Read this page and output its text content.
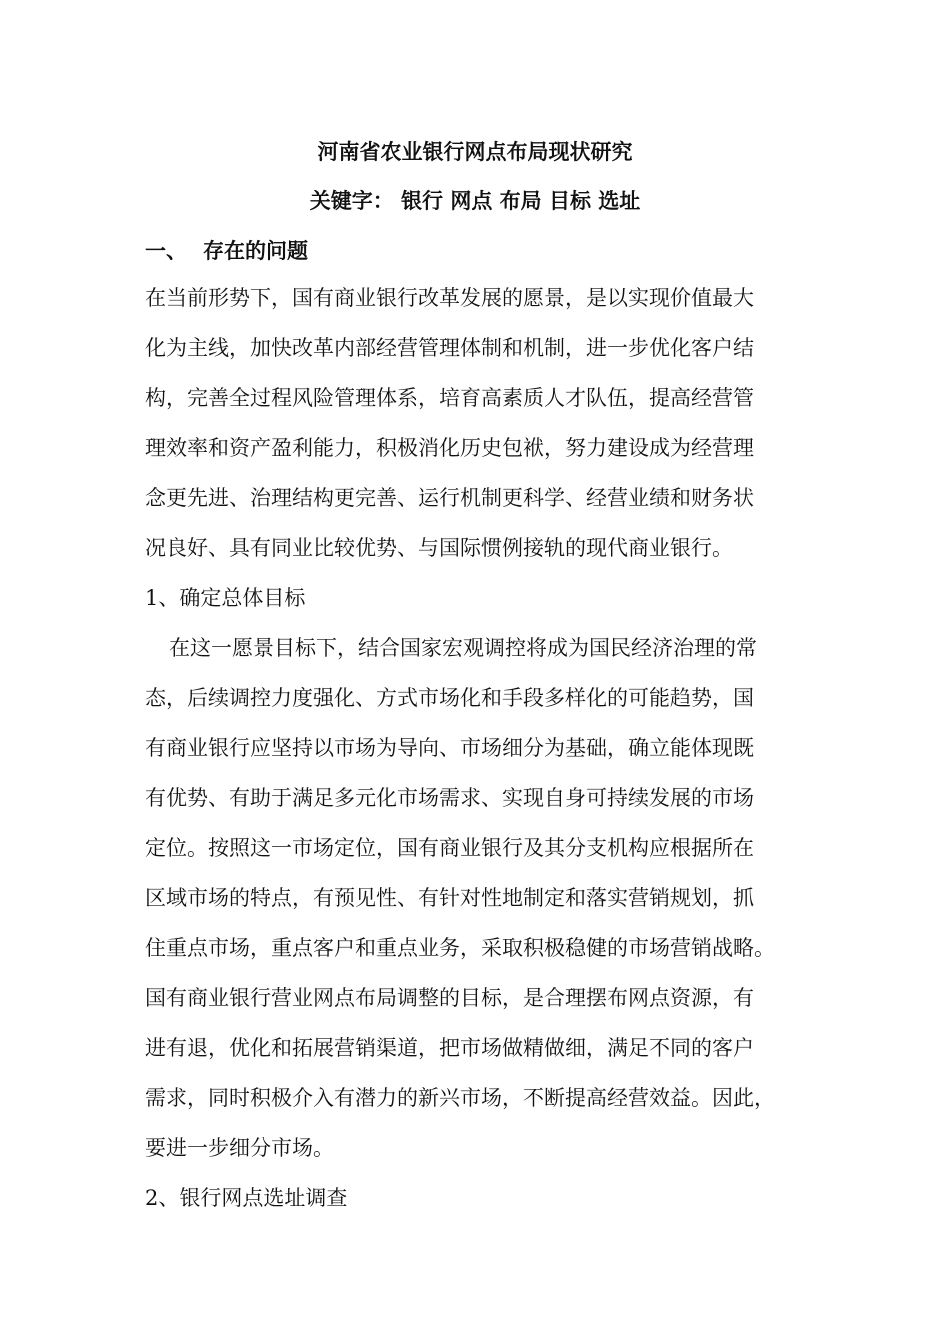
河南省农业银行网点布局现状研究

关键字： 银行 网点 布局 目标 选址

一、 存在的问题
在当前形势下，国有商业银行改革发展的愿景，是以实现价值最大
化为主线，加快改革内部经营管理体制和机制，进一步优化客户结
构，完善全过程风险管理体系，培育高素质人才队伍，提高经营管
理效率和资产盈利能力，积极消化历史包袱，努力建设成为经营理
念更先进、治理结构更完善、运行机制更科学、经营业绩和财务状
况良好、具有同业比较优势、与国际惯例接轨的现代商业银行。
1、确定总体目标
在这一愿景目标下，结合国家宏观调控将成为国民经济治理的常
态，后续调控力度强化、方式市场化和手段多样化的可能趋势，国
有商业银行应坚持以市场为导向、市场细分为基础，确立能体现既
有优势、有助于满足多元化市场需求、实现自身可持续发展的市场
定位。按照这一市场定位，国有商业银行及其分支机构应根据所在
区域市场的特点，有预见性、有针对性地制定和落实营销规划，抓
住重点市场，重点客户和重点业务，采取积极稳健的市场营销战略。
国有商业银行营业网点布局调整的目标，是合理摆布网点资源，有
进有退，优化和拓展营销渠道，把市场做精做细，满足不同的客户
需求，同时积极介入有潜力的新兴市场，不断提高经营效益。因此，
要进一步细分市场。
2、银行网点选址调查
